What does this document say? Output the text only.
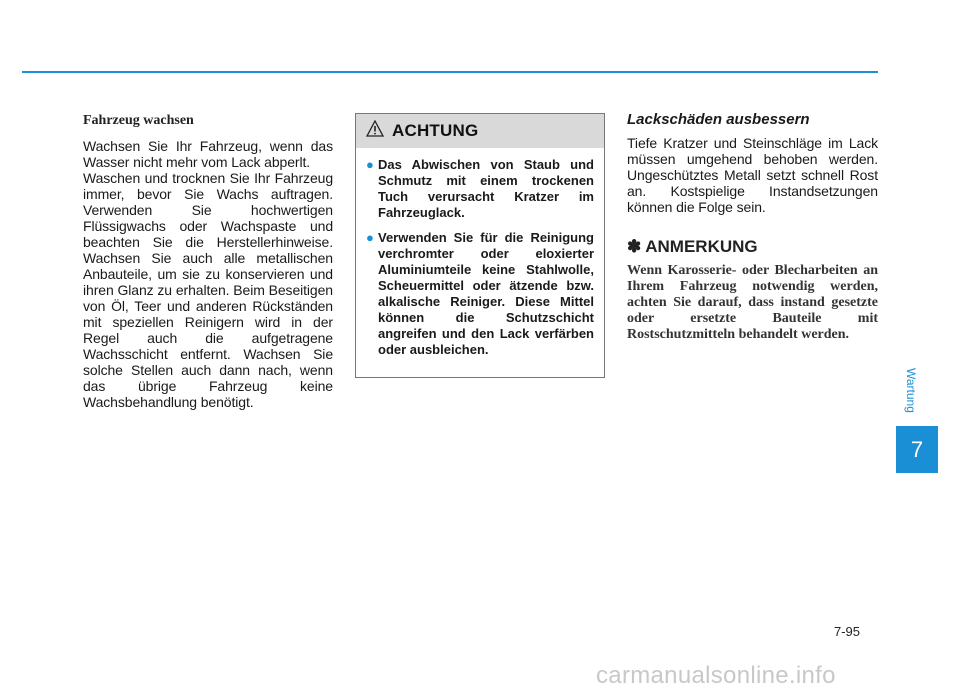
Fahrzeug wachsen

Wachsen Sie Ihr Fahrzeug, wenn das Wasser nicht mehr vom Lack abperlt.

Waschen und trocknen Sie Ihr Fahrzeug immer, bevor Sie Wachs auftragen. Verwenden Sie hochwertigen Flüssigwachs oder Wachspaste und beachten Sie die Herstellerhinweise. Wachsen Sie auch alle metallischen Anbauteile, um sie zu konservieren und ihren Glanz zu erhalten. Beim Beseitigen von Öl, Teer und anderen Rückständen mit speziellen Reinigern wird in der Regel auch die aufgetragene Wachsschicht entfernt. Wachsen Sie solche Stellen auch dann nach, wenn das übrige Fahrzeug keine Wachsbehandlung benötigt.

ACHTUNG
● Das Abwischen von Staub und Schmutz mit einem trockenen Tuch verursacht Kratzer im Fahrzeuglack.
● Verwenden Sie für die Reinigung verchromter oder eloxierter Aluminiumteile keine Stahlwolle, Scheuermittel oder ätzende bzw. alkalische Reiniger. Diese Mittel können die Schutzschicht angreifen und den Lack verfärben oder ausbleichen.
Lackschäden ausbessern

Tiefe Kratzer und Steinschläge im Lack müssen umgehend behoben werden. Ungeschütztes Metall setzt schnell Rost an. Kostspielige Instandsetzungen können die Folge sein.

✽ ANMERKUNG

Wenn Karosserie- oder Blecharbeiten an Ihrem Fahrzeug notwendig werden, achten Sie darauf, dass instand gesetzte oder ersetzte Bauteile mit Rostschutzmitteln behandelt werden.

Wartung
7
7-95
carmanualsonline.info
